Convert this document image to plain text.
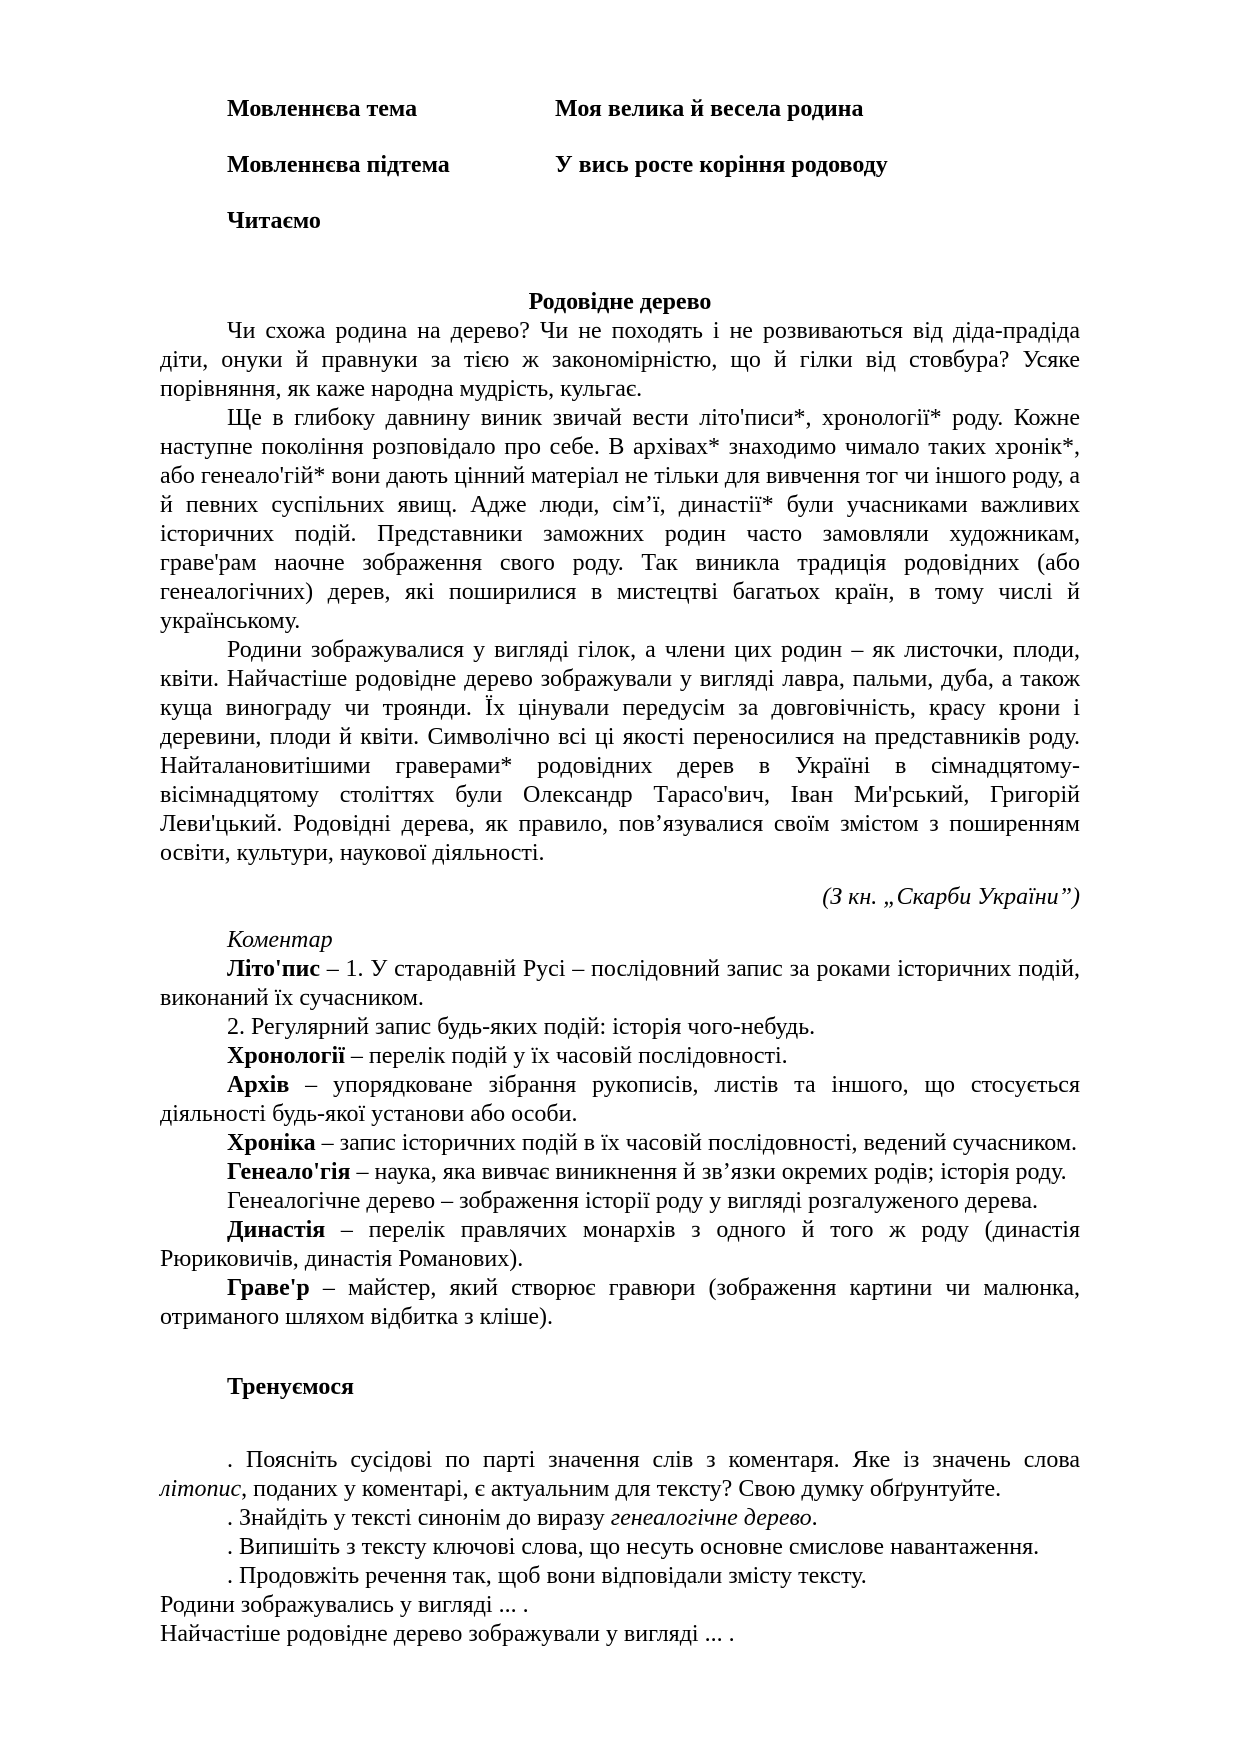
Мовленнєва тема	Моя велика й весела родина
Мовленнєва підтема	У вись росте коріння родоводу
Читаємо

Родовідне дерево

Чи схожа родина на дерево? Чи не походять і не розвиваються від діда-прадіда діти, онуки й правнуки за тією ж закономірністю, що й гілки від стовбура? Усяке порівняння, як каже народна мудрість, кульгає.

Ще в глибоку давнину виник звичай вести літо'писи*, хронології* роду. Кожне наступне покоління розповідало про себе. В архівах* знаходимо чимало таких хронік*, або генеало'гій* вони дають цінний матеріал не тільки для вивчення тог чи іншого роду, а й певних суспільних явищ. Адже люди, сім’ї, династії* були учасниками важливих історичних подій. Представники заможних родин часто замовляли художникам, граве'рам наочне зображення свого роду. Так виникла традиція родовідних (або генеалогічних) дерев, які поширилися в мистецтві багатьох країн, в тому числі й українському.

Родини зображувалися у вигляді гілок, а члени цих родин – як листочки, плоди, квіти. Найчастіше родовідне дерево зображували у вигляді лавра, пальми, дуба, а також куща винограду чи троянди. Їх цінували передусім за довговічність, красу крони і деревини, плоди й квіти. Символічно всі ці якості переносилися на представників роду. Найталановитішими граверами* родовідних дерев в Україні в сімнадцятому-вісімнадцятому століттях були Олександр Тарасо'вич, Іван Ми'рський, Григорій Леви'цький. Родовідні дерева, як правило, пов’язувалися своїм змістом з поширенням освіти, культури, наукової діяльності.

(З кн. „Скарби України”)

Коментар

Літо'пис – 1. У стародавній Русі – послідовний запис за роками історичних подій, виконаний їх сучасником.

2. Регулярний запис будь-яких подій: історія чого-небудь.

Хронології – перелік подій у їх часовій послідовності.

Архів – упорядковане зібрання рукописів, листів та іншого, що стосується діяльності будь-якої установи або особи.

Хроніка – запис історичних подій в їх часовій послідовності, ведений сучасником.

Генеало'гія – наука, яка вивчає виникнення й зв’язки окремих родів; історія роду.

Генеалогічне дерево – зображення історії роду у вигляді розгалуженого дерева.

Династія – перелік правлячих монархів з одного й того ж роду (династія Рюриковичів, династія Романових).

Граве'р – майстер, який створює гравюри (зображення картини чи малюнка, отриманого шляхом відбитка з кліше).

Тренуємося

. Поясніть сусідові по парті значення слів з коментаря. Яке із значень слова літопис, поданих у коментарі, є актуальним для тексту? Свою думку обґрунтуйте.

. Знайдіть у тексті синонім до виразу генеалогічне дерево.

. Випишіть з тексту ключові слова, що несуть основне смислове навантаження.

. Продовжіть речення так, щоб вони відповідали змісту тексту.

Родини зображувались у вигляді ... .

Найчастіше родовідне дерево зображували у вигляді ... .
